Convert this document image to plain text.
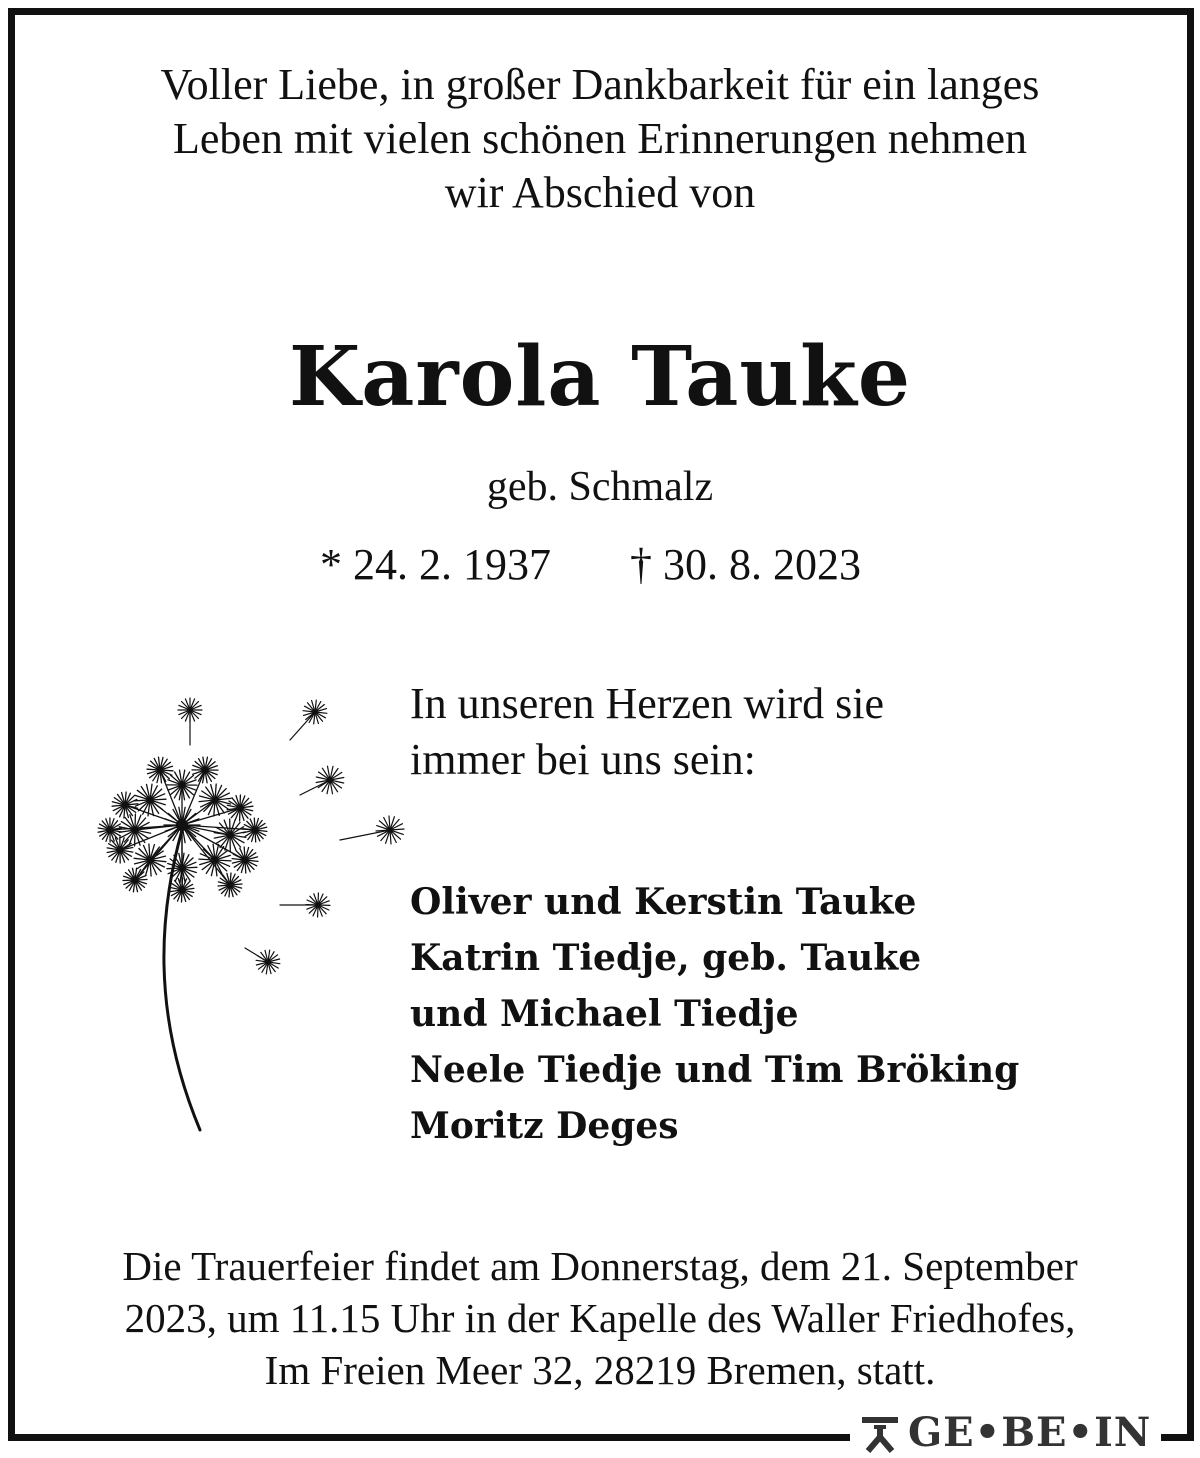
Voller Liebe, in großer Dankbarkeit für ein langes
Leben mit vielen schönen Erinnerungen nehmen
wir Abschied von
Karola Tauke
geb. Schmalz
* 24. 2. 1937 † 30. 8. 2023
In unseren Herzen wird sie
immer bei uns sein:
Oliver und Kerstin Tauke
Katrin Tiedje, geb. Tauke
und Michael Tiedje
Neele Tiedje und Tim Bröking
Moritz Deges
Die Trauerfeier findet am Donnerstag, dem 21. September
2023, um 11.15 Uhr in der Kapelle des Waller Friedhofes,
Im Freien Meer 32, 28219 Bremen, statt.
GE•BE•IN
